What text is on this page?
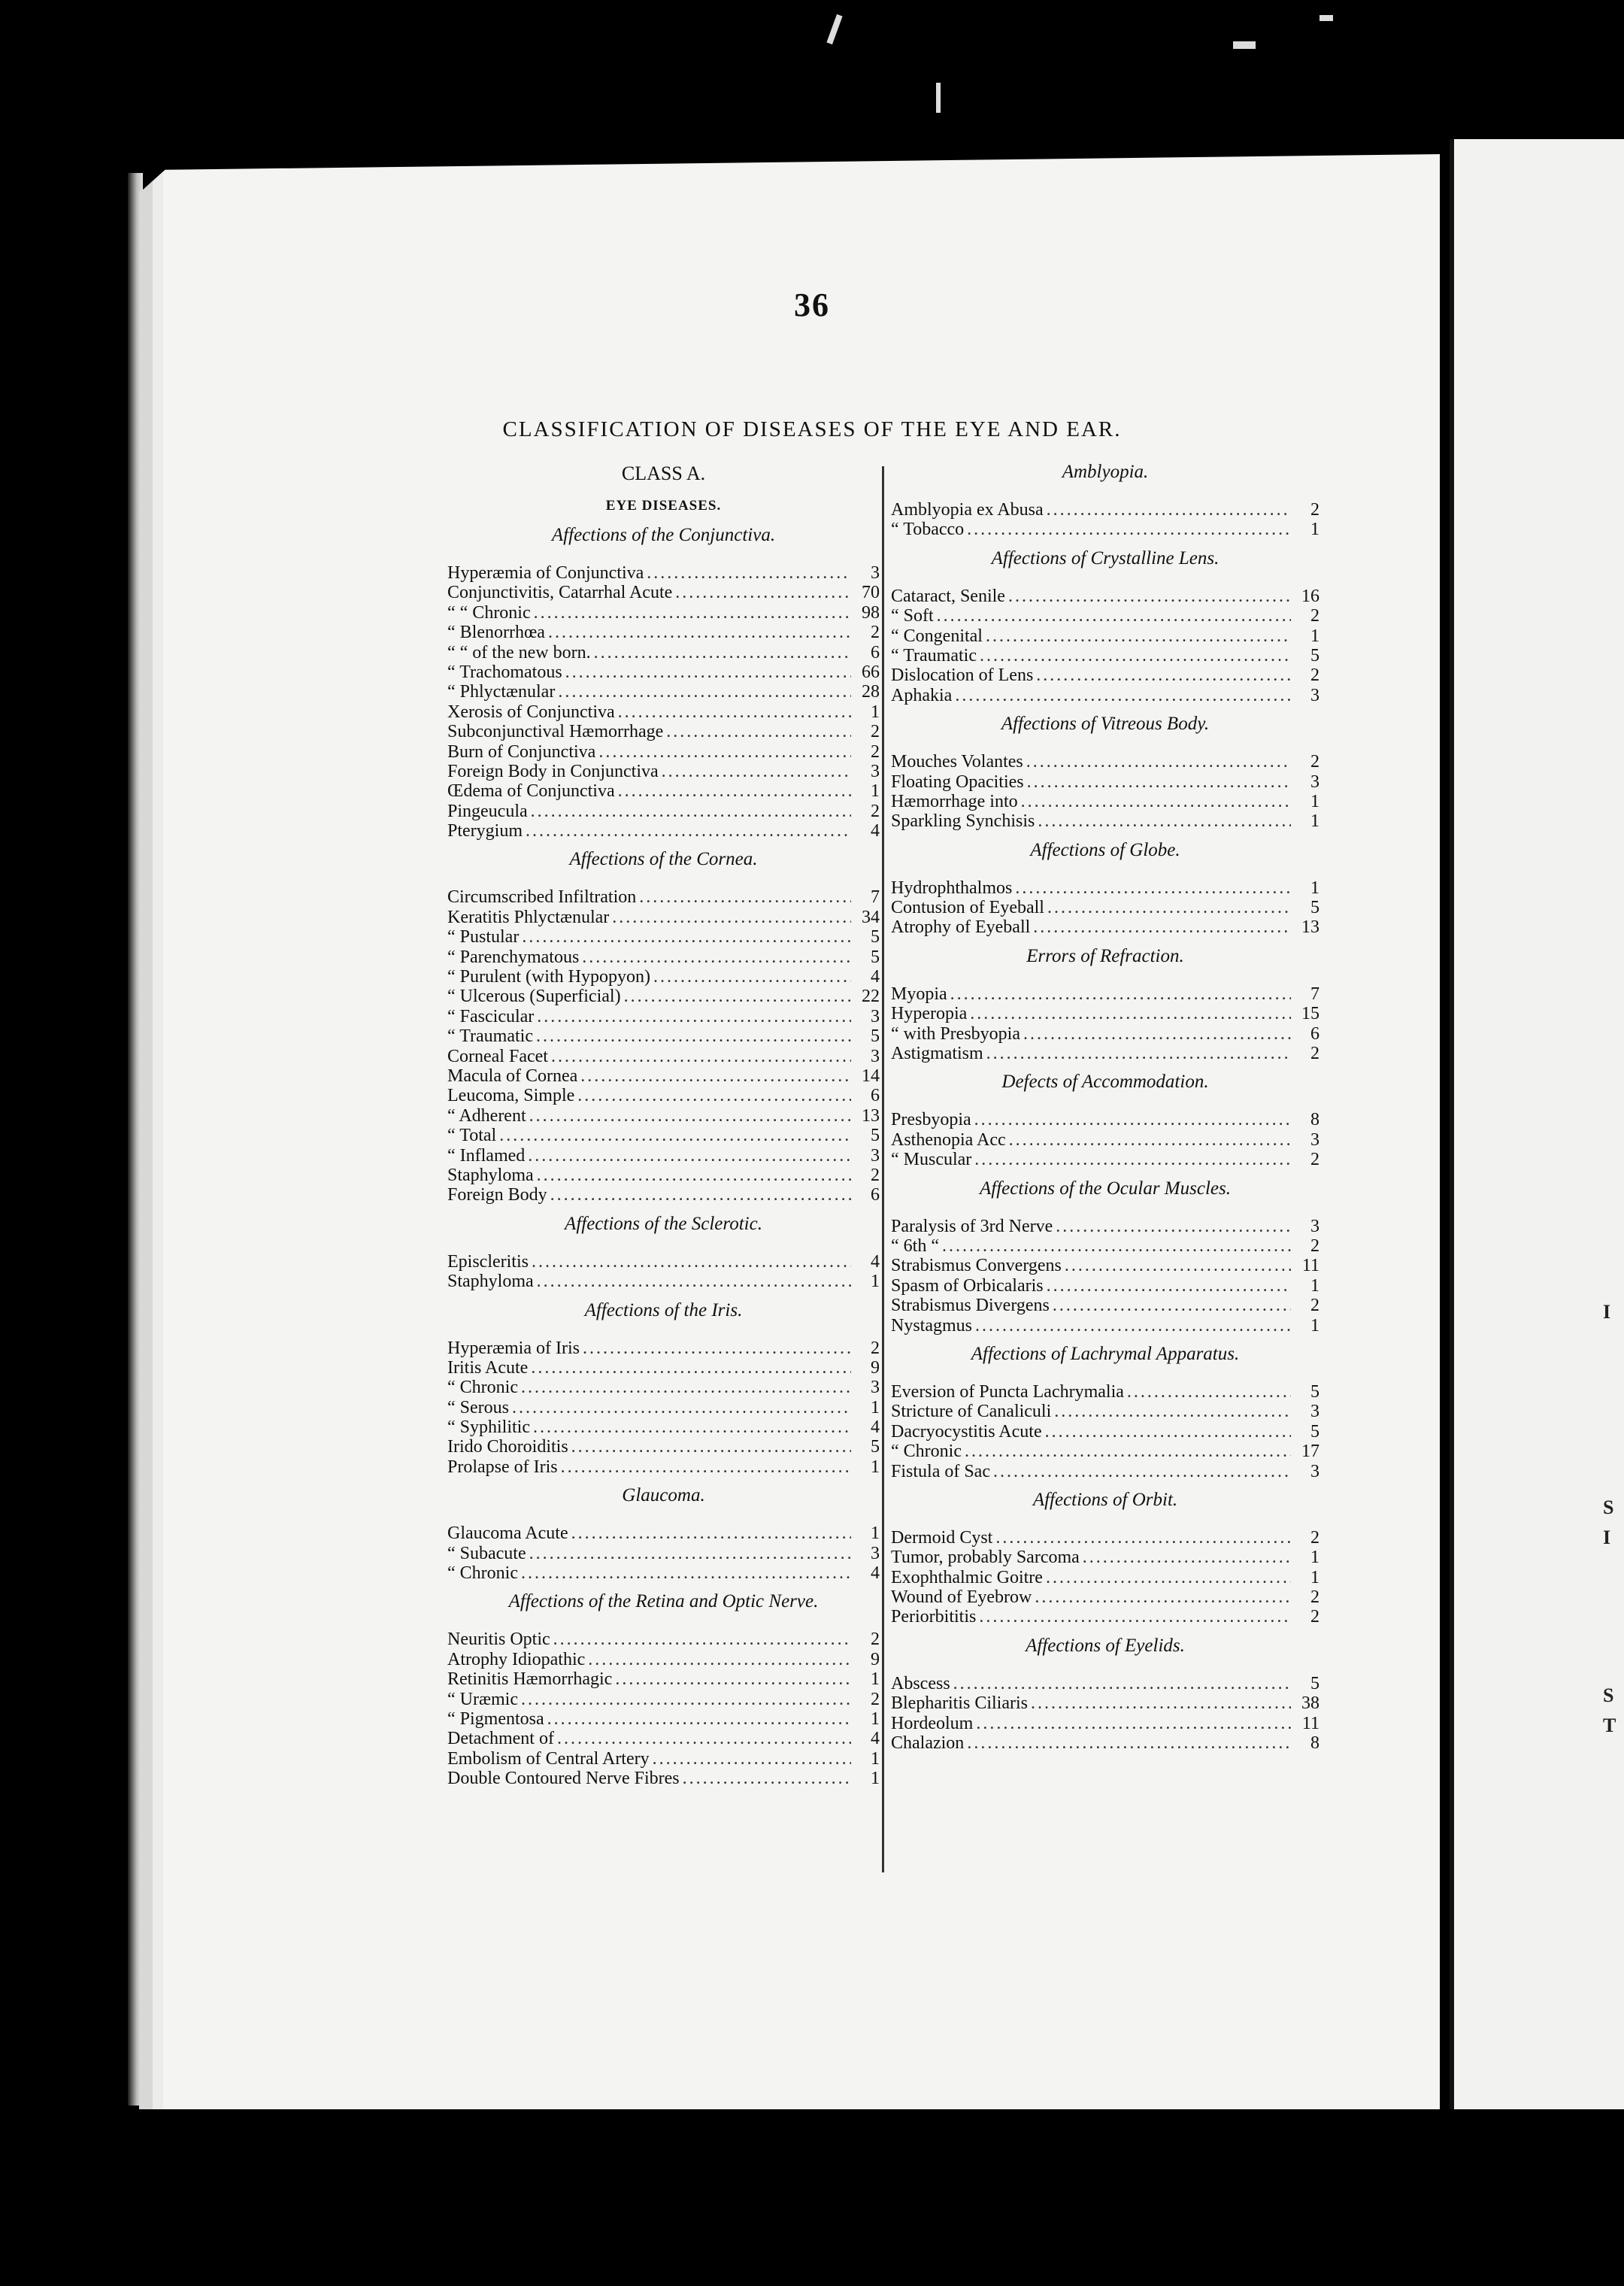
I
S
I
S
T
36
CLASSIFICATION OF DISEASES OF THE EYE AND EAR.
CLASS A.
EYE DISEASES.
Affections of the Conjunctiva.
Hyperæmia of Conjunctiva .....	3
Conjunctivitis, Catarrhal Acute .....	70
“ “ Chronic .....	98
“ Blenorrhœa .....	2
“ “ of the new born. .....	6
“ Trachomatous .....	66
“ Phlyctænular .....	28
Xerosis of Conjunctiva .....	1
Subconjunctival Hæmorrhage .....	2
Burn of Conjunctiva .....	2
Foreign Body in Conjunctiva .....	3
Œdema of Conjunctiva .....	1
Pingeucula .....	2
Pterygium .....	4
Affections of the Cornea.
Circumscribed Infiltration .....	7
Keratitis Phlyctænular .....	34
“ Pustular .....	5
“ Parenchymatous .....	5
“ Purulent (with Hypopyon) .....	4
“ Ulcerous (Superficial) .....	22
“ Fascicular .....	3
“ Traumatic .....	5
Corneal Facet .....	3
Macula of Cornea .....	14
Leucoma, Simple .....	6
“ Adherent .....	13
“ Total .....	5
“ Inflamed .....	3
Staphyloma .....	2
Foreign Body .....	6
Affections of the Sclerotic.
Episcleritis .....	4
Staphyloma .....	1
Affections of the Iris.
Hyperæmia of Iris .....	2
Iritis Acute .....	9
“ Chronic .....	3
“ Serous .....	1
“ Syphilitic .....	4
Irido Choroiditis .....	5
Prolapse of Iris .....	1
Glaucoma.
Glaucoma Acute .....	1
“ Subacute .....	3
“ Chronic .....	4
Affections of the Retina and Optic Nerve.
Neuritis Optic .....	2
Atrophy Idiopathic .....	9
Retinitis Hæmorrhagic .....	1
“ Uræmic .....	2
“ Pigmentosa .....	1
Detachment of .....	4
Embolism of Central Artery .....	1
Double Contoured Nerve Fibres .....	1
Amblyopia.
Amblyopia ex Abusa .....	2
“ Tobacco .....	1
Affections of Crystalline Lens.
Cataract, Senile .....	16
“ Soft .....	2
“ Congenital .....	1
“ Traumatic .....	5
Dislocation of Lens .....	2
Aphakia .....	3
Affections of Vitreous Body.
Mouches Volantes .....	2
Floating Opacities .....	3
Hæmorrhage into .....	1
Sparkling Synchisis .....	1
Affections of Globe.
Hydrophthalmos .....	1
Contusion of Eyeball .....	5
Atrophy of Eyeball .....	13
Errors of Refraction.
Myopia .....	7
Hyperopia .....	15
“ with Presbyopia .....	6
Astigmatism .....	2
Defects of Accommodation.
Presbyopia .....	8
Asthenopia Acc .....	3
“ Muscular .....	2
Affections of the Ocular Muscles.
Paralysis of 3rd Nerve .....	3
“ 6th “ .....	2
Strabismus Convergens .....	11
Spasm of Orbicalaris .....	1
Strabismus Divergens .....	2
Nystagmus .....	1
Affections of Lachrymal Apparatus.
Eversion of Puncta Lachrymalia .....	5
Stricture of Canaliculi .....	3
Dacryocystitis Acute .....	5
“ Chronic .....	17
Fistula of Sac .....	3
Affections of Orbit.
Dermoid Cyst .....	2
Tumor, probably Sarcoma .....	1
Exophthalmic Goitre .....	1
Wound of Eyebrow .....	2
Periorbititis .....	2
Affections of Eyelids.
Abscess .....	5
Blepharitis Ciliaris .....	38
Hordeolum .....	11
Chalazion .....	8
